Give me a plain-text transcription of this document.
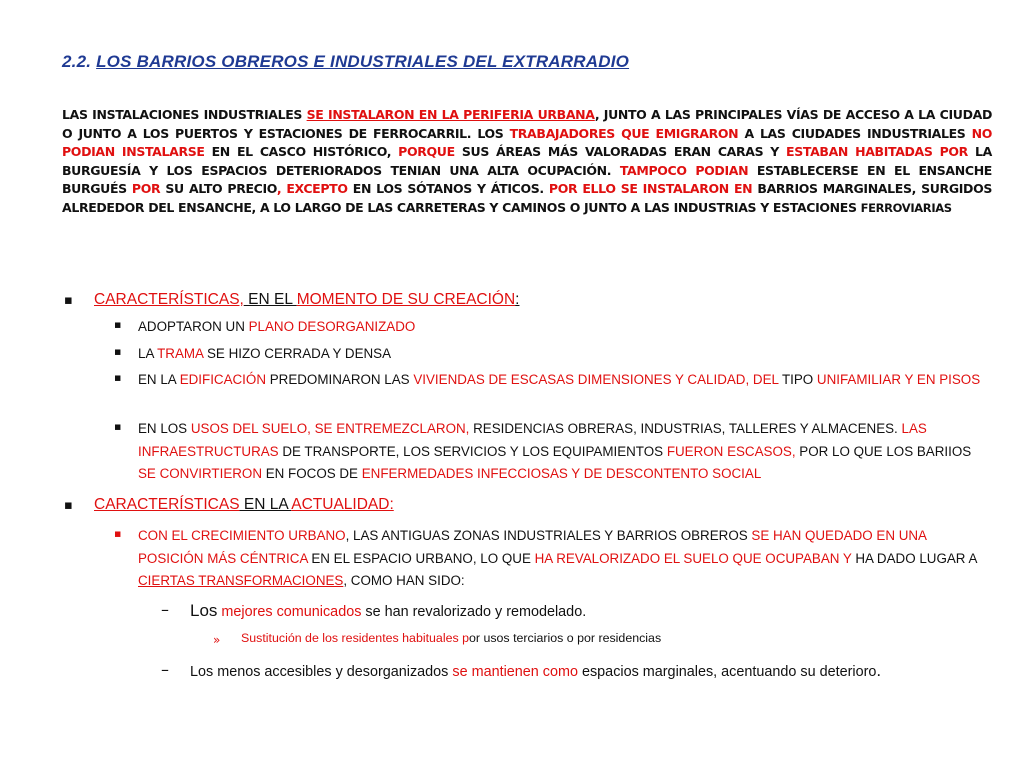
2.2. LOS BARRIOS OBREROS E INDUSTRIALES DEL EXTRARRADIO
LAS INSTALACIONES INDUSTRIALES SE INSTALARON EN LA PERIFERIA URBANA, JUNTO A LAS PRINCIPALES VÍAS DE ACCESO A LA CIUDAD O JUNTO A LOS PUERTOS Y ESTACIONES DE FERROCARRIL. LOS TRABAJADORES QUE EMIGRARON A LAS CIUDADES INDUSTRIALES NO PODIAN INSTALARSE EN EL CASCO HISTÓRICO, PORQUE SUS ÁREAS MÁS VALORADAS ERAN CARAS Y ESTABAN HABITADAS POR LA BURGUESÍA Y LOS ESPACIOS DETERIORADOS TENIAN UNA ALTA OCUPACIÓN. TAMPOCO PODIAN ESTABLECERSE EN EL ENSANCHE BURGUÉS POR SU ALTO PRECIO, EXCEPTO EN LOS SÓTANOS Y ÁTICOS. POR ELLO SE INSTALARON EN BARRIOS MARGINALES, SURGIDOS ALREDEDOR DEL ENSANCHE, A LO LARGO DE LAS CARRETERAS Y CAMINOS O JUNTO A LAS INDUSTRIAS Y ESTACIONES FERROVIARIAS
▪ CARACTERÍSTICAS, EN EL MOMENTO DE SU CREACIÓN:
▪ ADOPTARON UN PLANO DESORGANIZADO
▪ LA TRAMA SE HIZO CERRADA Y DENSA
▪ EN LA EDIFICACIÓN PREDOMINARON LAS VIVIENDAS DE ESCASAS DIMENSIONES Y CALIDAD, DEL TIPO UNIFAMILIAR Y EN PISOS
▪ EN LOS USOS DEL SUELO, SE ENTREMEZCLARON, RESIDENCIAS OBRERAS, INDUSTRIAS, TALLERES Y ALMACENES. LAS INFRAESTRUCTURAS DE TRANSPORTE, LOS SERVICIOS Y LOS EQUIPAMIENTOS FUERON ESCASOS, POR LO QUE LOS BARIIOS SE CONVIRTIERON EN FOCOS DE ENFERMEDADES INFECCIOSAS Y DE DESCONTENTO SOCIAL
▪ CARACTERÍSTICAS EN LA ACTUALIDAD:
▪ CON EL CRECIMIENTO URBANO, LAS ANTIGUAS ZONAS INDUSTRIALES Y BARRIOS OBREROS SE HAN QUEDADO EN UNA POSICIÓN MÁS CÉNTRICA EN EL ESPACIO URBANO, LO QUE HA REVALORIZADO EL SUELO QUE OCUPABAN Y HA DADO LUGAR A CIERTAS TRANSFORMACIONES, COMO HAN SIDO:
– Los mejores comunicados se han revalorizado y remodelado.
» Sustitución de los residentes habituales por usos terciarios o por residencias
– Los menos accesibles y desorganizados se mantienen como espacios marginales, acentuando su deterioro.
